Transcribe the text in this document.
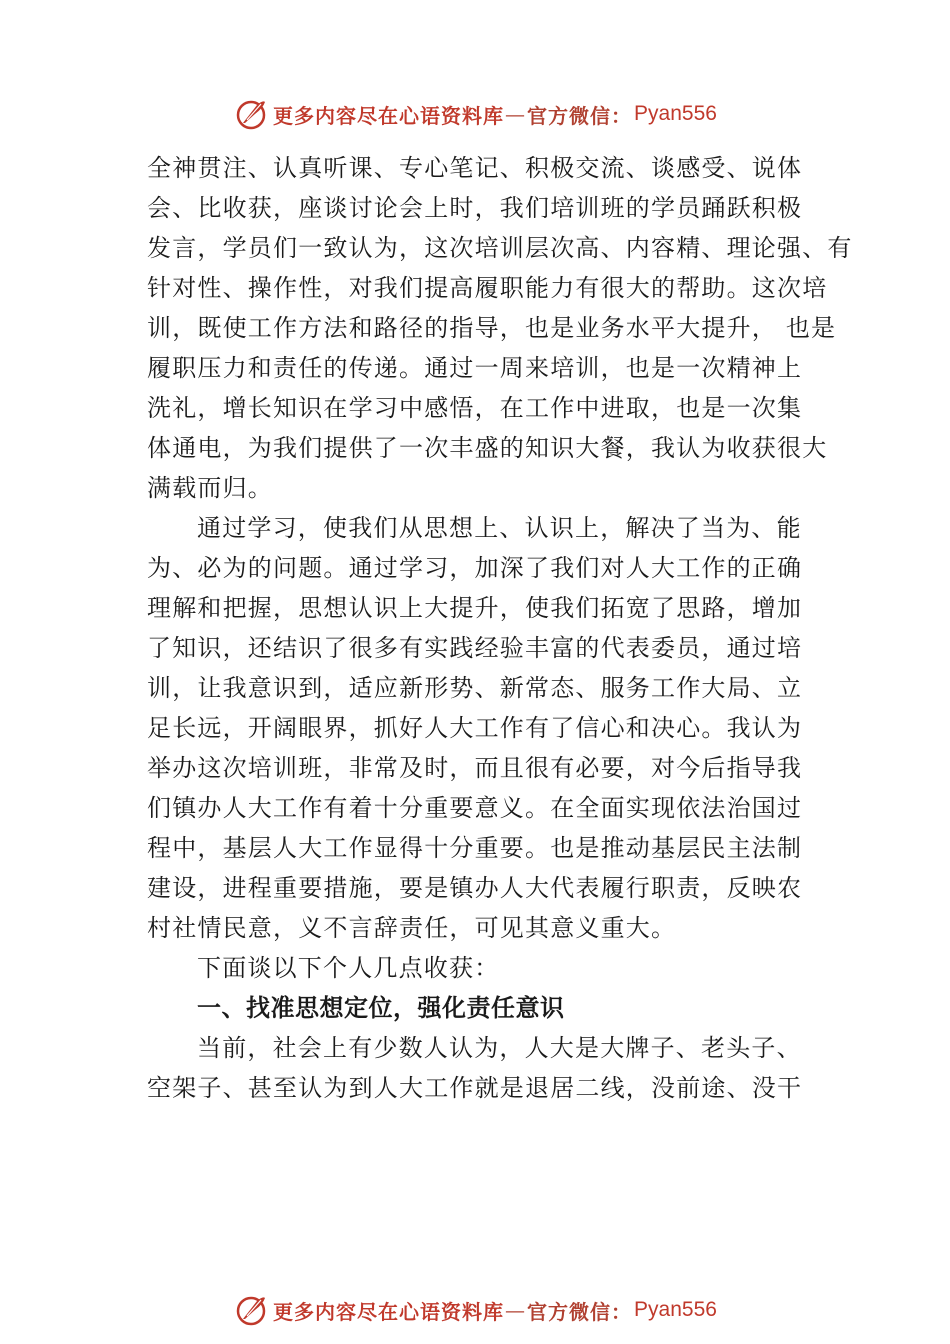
更多内容尽在心语资料库 — 官方微信： Pyan556
全神贯注、认真听课、专心笔记、积极交流、谈感受、说体
会、比收获，座谈讨论会上时，我们培训班的学员踊跃积极
发言，学员们一致认为，这次培训层次高、内容精、理论强、有
针对性、操作性，对我们提高履职能力有很大的帮助。这次培
训，既使工作方法和路径的指导，也是业务水平大提升， 也是
履职压力和责任的传递。通过一周来培训，也是一次精神上
洗礼，增长知识在学习中感悟，在工作中进取，也是一次集
体通电，为我们提供了一次丰盛的知识大餐，我认为收获很大
满载而归。
通过学习，使我们从思想上、认识上，解决了当为、能
为、必为的问题。通过学习，加深了我们对人大工作的正确
理解和把握，思想认识上大提升，使我们拓宽了思路，增加
了知识，还结识了很多有实践经验丰富的代表委员，通过培
训，让我意识到，适应新形势、新常态、服务工作大局、立
足长远，开阔眼界，抓好人大工作有了信心和决心。我认为
举办这次培训班，非常及时，而且很有必要，对今后指导我
们镇办人大工作有着十分重要意义。在全面实现依法治国过
程中，基层人大工作显得十分重要。也是推动基层民主法制
建设，进程重要措施，要是镇办人大代表履行职责，反映农
村社情民意，义不言辞责任，可见其意义重大。
下面谈以下个人几点收获：
一、找准思想定位，强化责任意识
当前，社会上有少数人认为，人大是大牌子、老头子、
空架子、甚至认为到人大工作就是退居二线，没前途、没干
更多内容尽在心语资料库 — 官方微信： Pyan556
